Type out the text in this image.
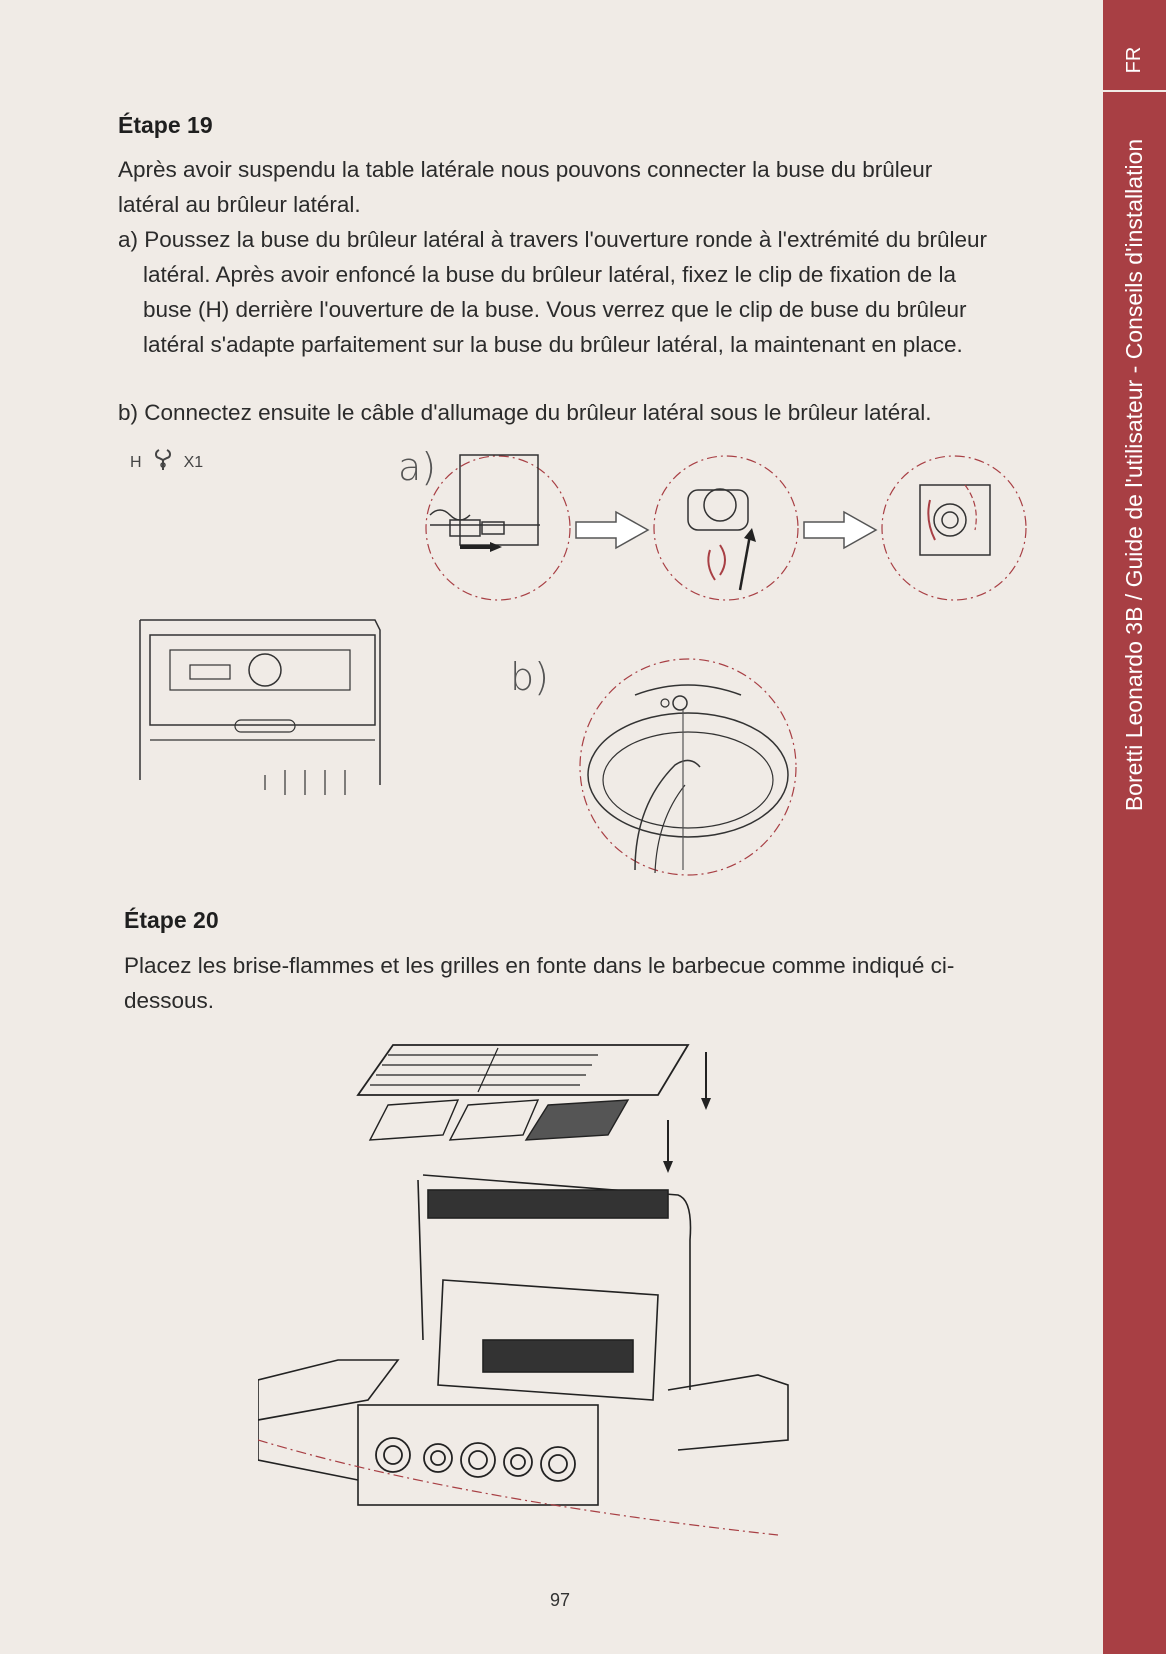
FR
Boretti Leonardo 3B / Guide de l'utilisateur - Conseils d'installation
Étape 19
Après avoir suspendu la table latérale nous pouvons connecter la buse du brûleur latéral au brûleur latéral.
a) Poussez la buse du brûleur latéral à travers l'ouverture ronde à l'extrémité du brûleur latéral. Après avoir enfoncé la buse du brûleur latéral, fixez le clip de fixation de la buse (H) derrière l'ouverture de la buse. Vous verrez que le clip de buse du brûleur latéral s'adapte parfaitement sur la buse du brûleur latéral, la maintenant en place.
b) Connectez ensuite le câble d'allumage du brûleur latéral sous le brûleur latéral.
H	X1	a)
b)
Étape 20
Placez les brise-flammes et les grilles en fonte dans le barbecue comme indiqué ci-dessous.
97
